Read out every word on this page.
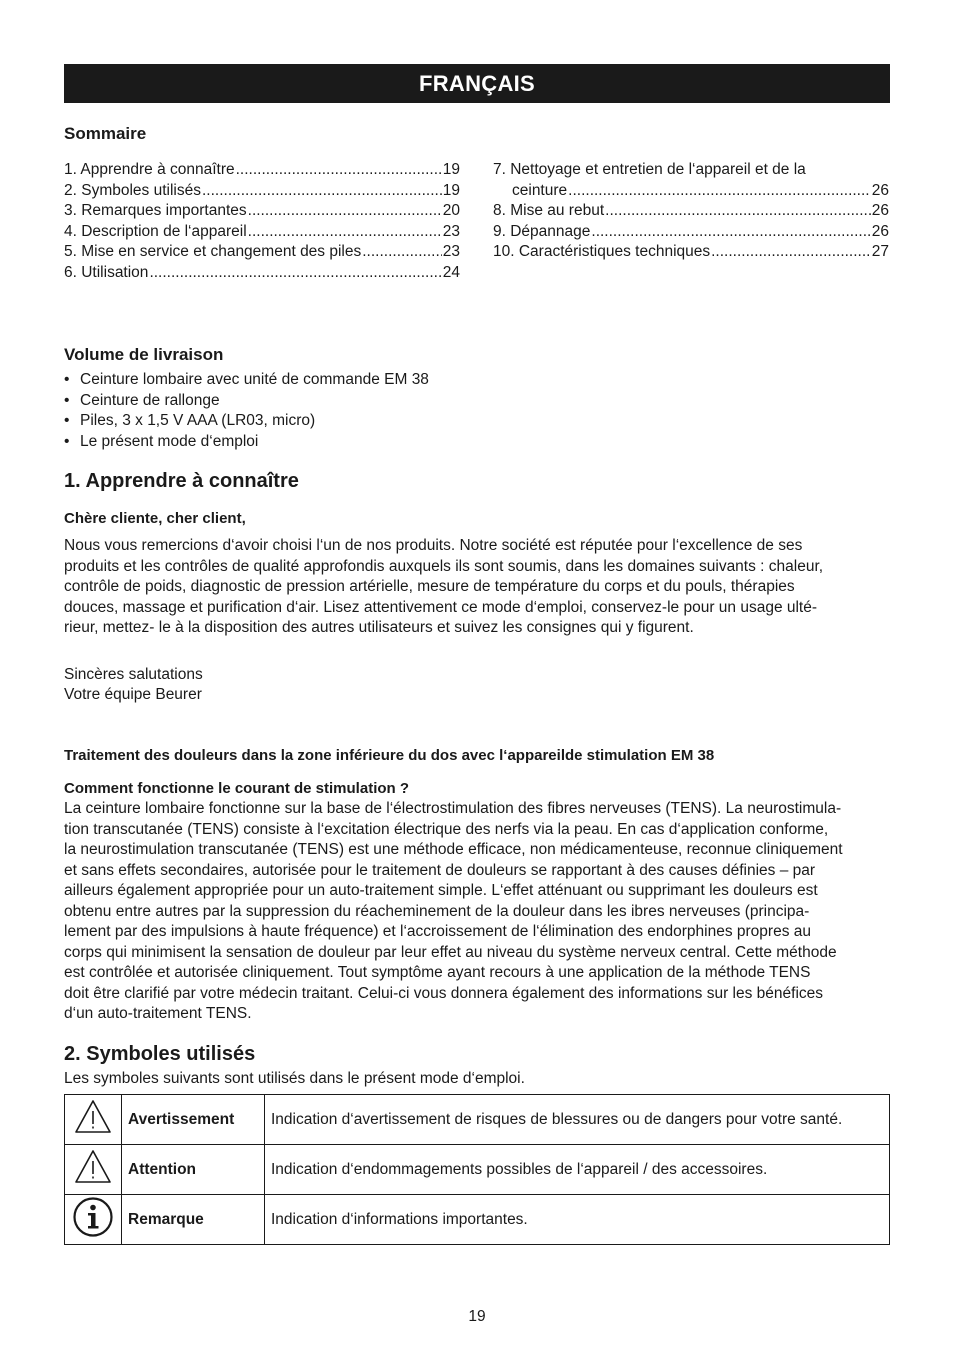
FRANÇAIS
Sommaire
1. Apprendre à connaître .....	19
2. Symboles utilisés .....	19
3. Remarques importantes .....	20
4. Description de l‘appareil .....	23
5. Mise en service et changement des piles .....	23
6. Utilisation .....	24
7. Nettoyage et entretien de l‘appareil et de la
ceinture .....	26
8. Mise au rebut .....	26
9. Dépannage .....	26
10. Caractéristiques techniques .....	27
Volume de livraison
• Ceinture lombaire avec unité de commande EM 38
• Ceinture de rallonge
• Piles, 3 x 1,5 V AAA (LR03, micro)
• Le présent mode d‘emploi
1. Apprendre à connaître
Chère cliente, cher client,
Nous vous remercions d‘avoir choisi l‘un de nos produits. Notre société est réputée pour l‘excellence de ses
produits et les contrôles de qualité approfondis auxquels ils sont soumis, dans les domaines suivants : chaleur,
contrôle de poids, diagnostic de pression artérielle, mesure de température du corps et du pouls, thérapies
douces, massage et purification d‘air. Lisez attentivement ce mode d‘emploi, conservez-le pour un usage ulté-
rieur, mettez- le à la disposition des autres utilisateurs et suivez les consignes qui y figurent.
Sincères salutations
Votre équipe Beurer
Traitement des douleurs dans la zone inférieure du dos avec l‘appareilde stimulation EM 38
Comment fonctionne le courant de stimulation ?
La ceinture lombaire fonctionne sur la base de l‘électrostimulation des fibres nerveuses (TENS). La neurostimula-
tion transcutanée (TENS) consiste à l‘excitation électrique des nerfs via la peau. En cas d‘application conforme,
la neurostimulation transcutanée (TENS) est une méthode efficace, non médicamenteuse, reconnue cliniquement
et sans effets secondaires, autorisée pour le traitement de douleurs se rapportant à des causes définies – par
ailleurs également appropriée pour un auto-traitement simple. L‘effet atténuant ou supprimant les douleurs est
obtenu entre autres par la suppression du réacheminement de la douleur dans les ibres nerveuses (principa-
lement par des impulsions à haute fréquence) et l‘accroissement de l‘élimination des endorphines propres au
corps qui minimisent la sensation de douleur par leur effet au niveau du système nerveux central. Cette méthode
est contrôlée et autorisée cliniquement. Tout symptôme ayant recours à une application de la méthode TENS
doit être clarifié par votre médecin traitant. Celui-ci vous donnera également des informations sur les bénéfices
d‘un auto-traitement TENS.
2. Symboles utilisés
Les symboles suivants sont utilisés dans le présent mode d‘emploi.
	Avertissement	Indication d‘avertissement de risques de blessures ou de dangers pour votre santé.
	Attention	Indication d‘endommagements possibles de l‘appareil / des accessoires.
	Remarque	Indication d‘informations importantes.
19
